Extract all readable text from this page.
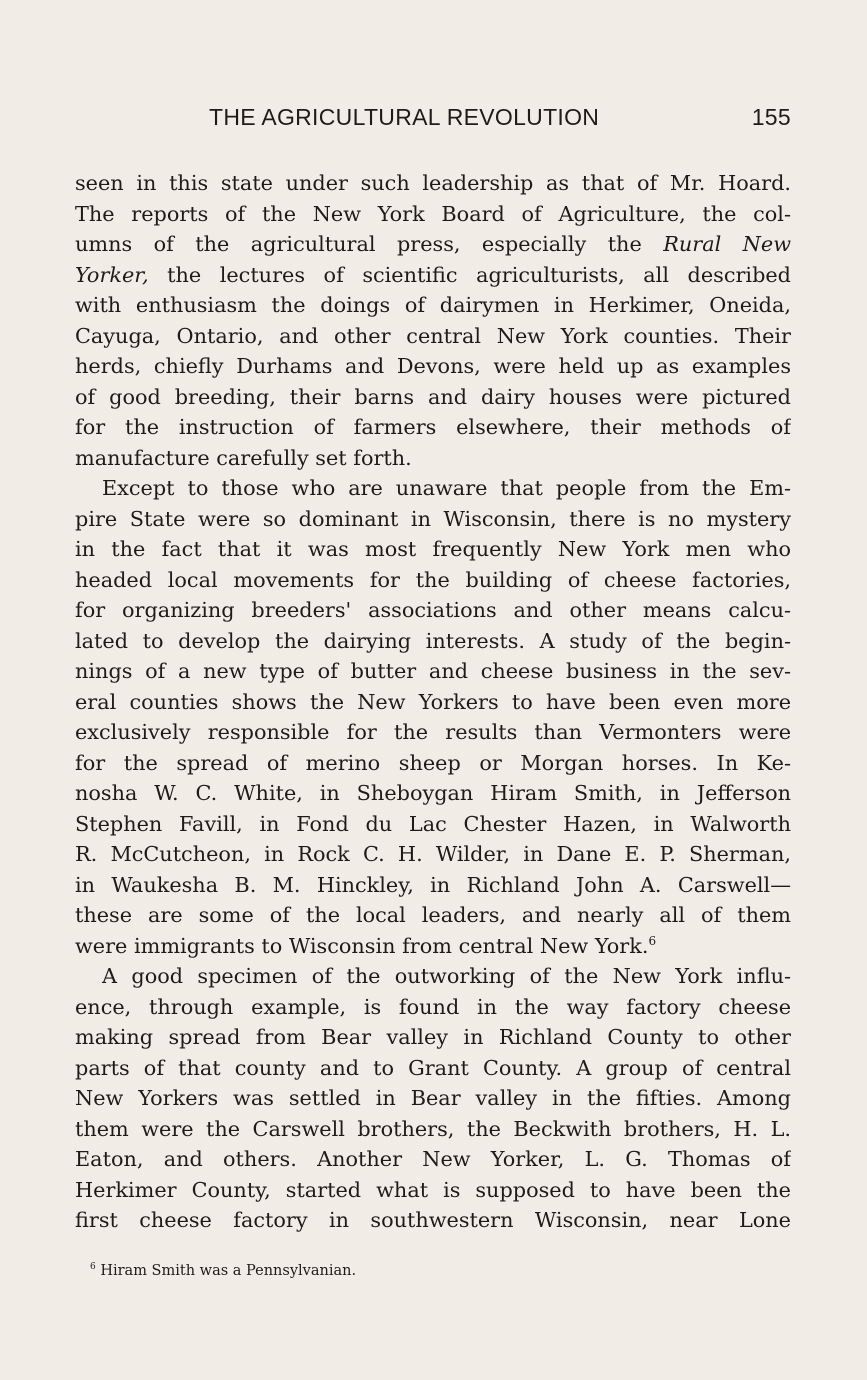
THE AGRICULTURAL REVOLUTION	155
seen in this state under such leadership as that of Mr. Hoard.
The reports of the New York Board of Agriculture, the col-
umns of the agricultural press, especially the Rural New
Yorker, the lectures of scientific agriculturists, all described
with enthusiasm the doings of dairymen in Herkimer, Oneida,
Cayuga, Ontario, and other central New York counties. Their
herds, chiefly Durhams and Devons, were held up as examples
of good breeding, their barns and dairy houses were pictured
for the instruction of farmers elsewhere, their methods of
manufacture carefully set forth.
Except to those who are unaware that people from the Em-
pire State were so dominant in Wisconsin, there is no mystery
in the fact that it was most frequently New York men who
headed local movements for the building of cheese factories,
for organizing breeders' associations and other means calcu-
lated to develop the dairying interests. A study of the begin-
nings of a new type of butter and cheese business in the sev-
eral counties shows the New Yorkers to have been even more
exclusively responsible for the results than Vermonters were
for the spread of merino sheep or Morgan horses. In Ke-
nosha W. C. White, in Sheboygan Hiram Smith, in Jefferson
Stephen Favill, in Fond du Lac Chester Hazen, in Walworth
R. McCutcheon, in Rock C. H. Wilder, in Dane E. P. Sherman,
in Waukesha B. M. Hinckley, in Richland John A. Carswell—
these are some of the local leaders, and nearly all of them
were immigrants to Wisconsin from central New York.$^6$
A good specimen of the outworking of the New York influ-
ence, through example, is found in the way factory cheese
making spread from Bear valley in Richland County to other
parts of that county and to Grant County. A group of central
New Yorkers was settled in Bear valley in the fifties. Among
them were the Carswell brothers, the Beckwith brothers, H. L.
Eaton, and others. Another New Yorker, L. G. Thomas of
Herkimer County, started what is supposed to have been the
first cheese factory in southwestern Wisconsin, near Lone
$^6$ Hiram Smith was a Pennsylvanian.
